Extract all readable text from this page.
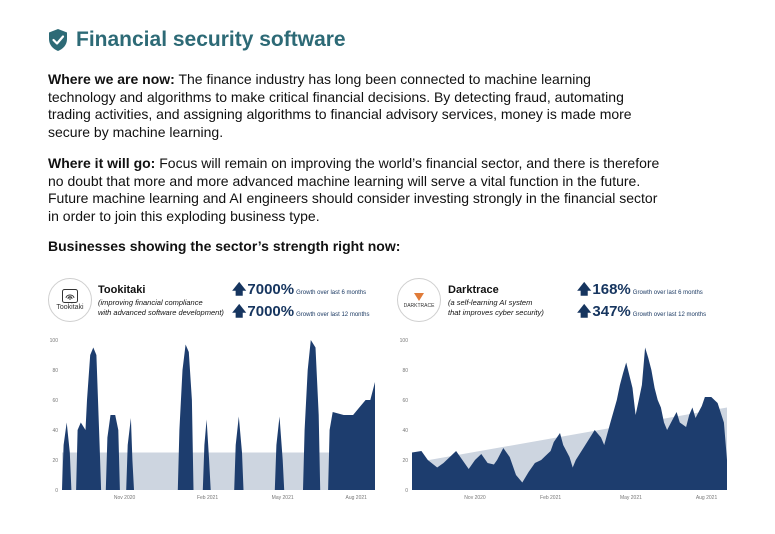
Financial security software
Where we are now: The finance industry has long been connected to machine learning
technology and algorithms to make critical financial decisions. By detecting fraud, automating
trading activities, and assigning algorithms to financial advisory services, money is made more
secure by machine learning.
Where it will go: Focus will remain on improving the world’s financial sector, and there is therefore
no doubt that more and more advanced machine learning will serve a vital function in the future.
Future machine learning and AI engineers should consider investing strongly in the financial sector
in order to join this exploding business type.
Businesses showing the sector’s strength right now:
Tookitaki
Tookitaki
(improving financial compliance
with advanced software development)
🡅 7000% Growth over last 6 months
🡅 7000% Growth over last 12 months
DARKTRACE
Darktrace
(a self-learning AI system
that improves cyber security)
🡅 168% Growth over last 6 months
🡅 347% Growth over last 12 months
0
20
40
60
80
100
Nov 2020	Feb 2021	May 2021	Aug 2021
0
20
40
60
80
100
Nov 2020	Feb 2021	May 2021	Aug 2021
